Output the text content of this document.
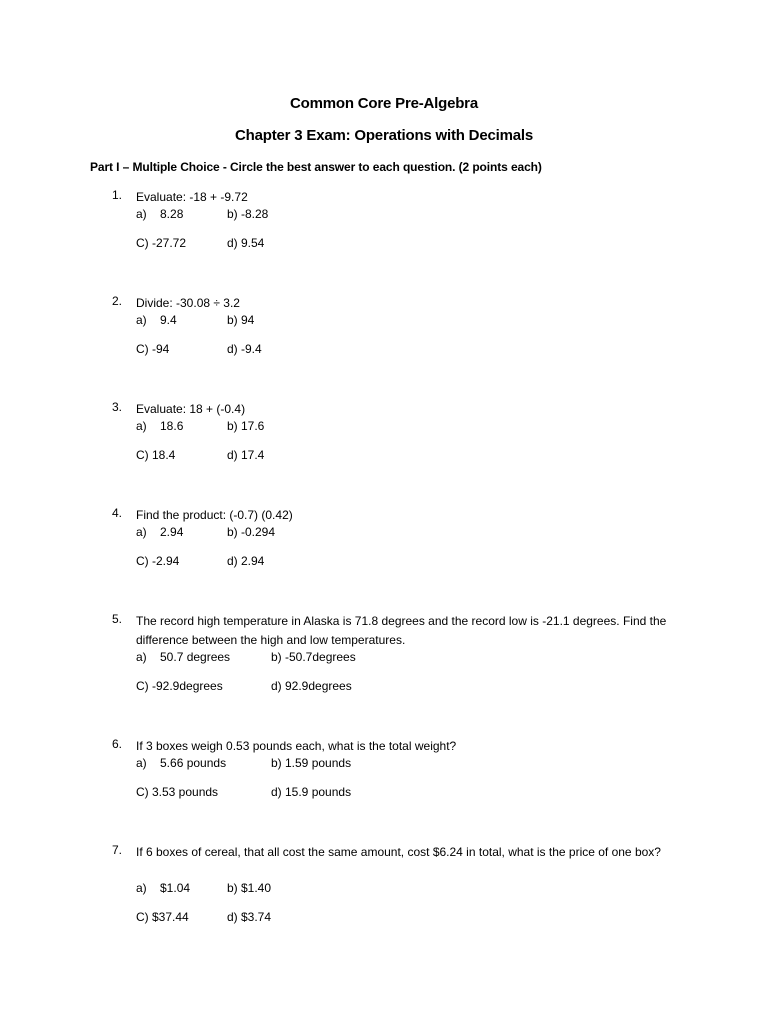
Common Core Pre-Algebra
Chapter 3 Exam: Operations with Decimals
Part I – Multiple Choice - Circle the best answer to each question. (2 points each)
1. Evaluate: -18 + -9.72
a)    8.28	b) -8.28
C) -27.72	d) 9.54
2. Divide: -30.08 ÷ 3.2
a)    9.4	b) 94
C) -94	d) -9.4
3. Evaluate: 18 + (-0.4)
a)    18.6	b) 17.6
C) 18.4	d) 17.4
4. Find the product: (-0.7) (0.42)
a)    2.94	b) -0.294
C) -2.94	d) 2.94
5. The record high temperature in Alaska is 71.8 degrees and the record low is -21.1 degrees. Find the difference between the high and low temperatures.
a)    50.7 degrees	b) -50.7degrees
C) -92.9degrees	d) 92.9degrees
6. If 3 boxes weigh 0.53 pounds each, what is the total weight?
a)    5.66 pounds	b) 1.59 pounds
C) 3.53 pounds	d) 15.9 pounds
7. If 6 boxes of cereal, that all cost the same amount, cost $6.24 in total, what is the price of one box?
a)    $1.04	b) $1.40
C) $37.44	d) $3.74
